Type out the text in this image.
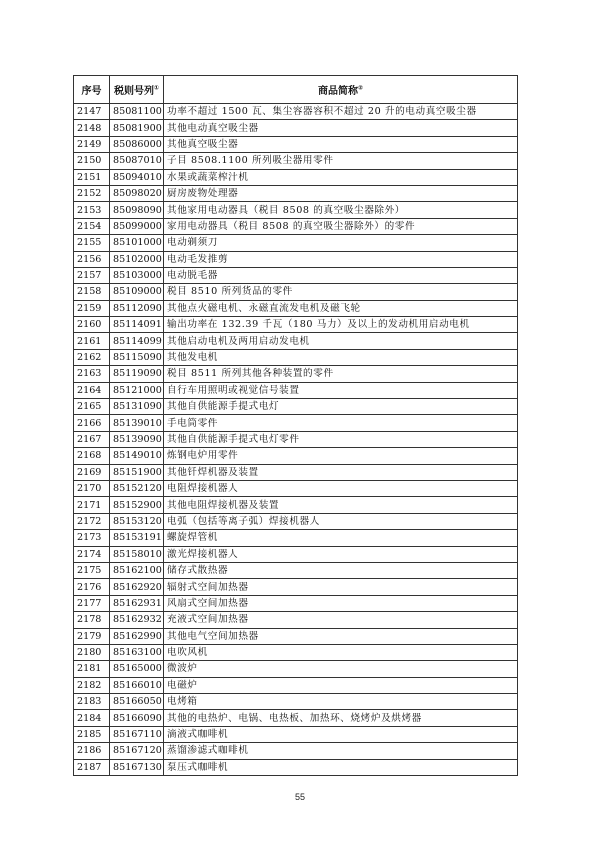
序号	税则号列①	商品简称②
2147	85081100	功率不超过 1500 瓦、集尘容器容积不超过 20 升的电动真空吸尘器
2148	85081900	其他电动真空吸尘器
2149	85086000	其他真空吸尘器
2150	85087010	子目 8508.1100 所列吸尘器用零件
2151	85094010	水果或蔬菜榨汁机
2152	85098020	厨房废物处理器
2153	85098090	其他家用电动器具（税目 8508 的真空吸尘器除外）
2154	85099000	家用电动器具（税目 8508 的真空吸尘器除外）的零件
2155	85101000	电动剃须刀
2156	85102000	电动毛发推剪
2157	85103000	电动脱毛器
2158	85109000	税目 8510 所列货品的零件
2159	85112090	其他点火磁电机、永磁直流发电机及磁飞轮
2160	85114091	输出功率在 132.39 千瓦（180 马力）及以上的发动机用启动电机
2161	85114099	其他启动电机及两用启动发电机
2162	85115090	其他发电机
2163	85119090	税目 8511 所列其他各种装置的零件
2164	85121000	自行车用照明或视觉信号装置
2165	85131090	其他自供能源手提式电灯
2166	85139010	手电筒零件
2167	85139090	其他自供能源手提式电灯零件
2168	85149010	炼钢电炉用零件
2169	85151900	其他钎焊机器及装置
2170	85152120	电阻焊接机器人
2171	85152900	其他电阻焊接机器及装置
2172	85153120	电弧（包括等离子弧）焊接机器人
2173	85153191	螺旋焊管机
2174	85158010	激光焊接机器人
2175	85162100	储存式散热器
2176	85162920	辐射式空间加热器
2177	85162931	风扇式空间加热器
2178	85162932	充液式空间加热器
2179	85162990	其他电气空间加热器
2180	85163100	电吹风机
2181	85165000	微波炉
2182	85166010	电磁炉
2183	85166050	电烤箱
2184	85166090	其他的电热炉、电锅、电热板、加热环、烧烤炉及烘烤器
2185	85167110	滴液式咖啡机
2186	85167120	蒸馏渗滤式咖啡机
2187	85167130	泵压式咖啡机
55
